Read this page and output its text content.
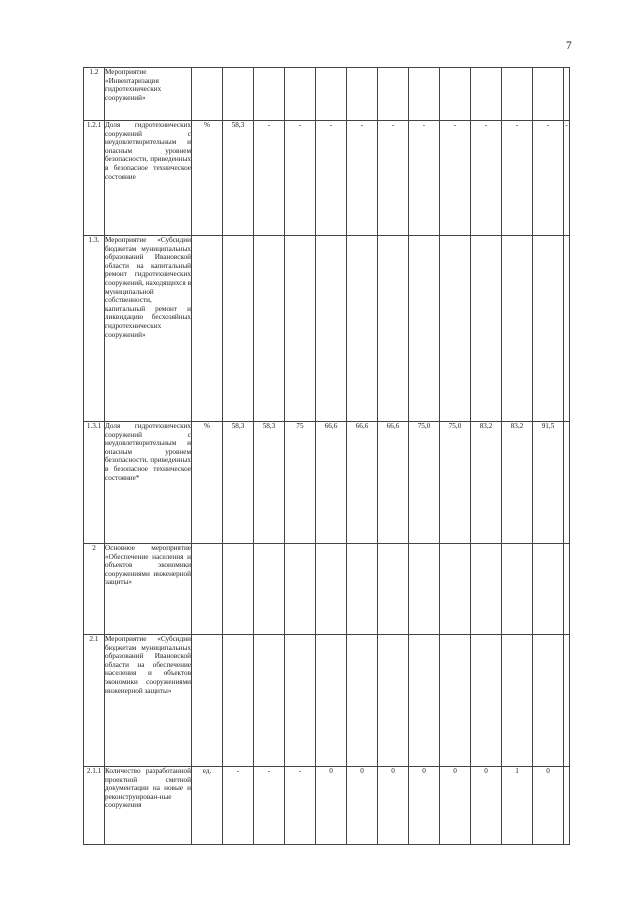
7
1.2	Мероприятие «Инвентаризация гидротехнических сооружений»													

1.2.1	Доля гидротехнических сооружений с неудовлетворительным и опасным уровнем безопасности, приведенных в безопасное техническое состояние	%	58,3	-	-	-	-	-	-	-	-	-	-	-
1.3.	Мероприятие «Субсидии бюджетам муниципальных образований Ивановской области на капитальный ремонт гидротехнических сооружений, находящихся в муниципальной собственности, капитальный ремонт и ликвидацию бесхозяйных гидротехнических сооружений»													

1.3.1	Доля гидротехнических сооружений с неудовлетворительным и опасным уровнем безопасности, приведенных в безопасное техническое состояние*	%	58,3	58,3	75	66,6	66,6	66,6	75,0	75,0	83,2	83,2	91,5	
2	Основное мероприятие «Обеспечение населения и объектов экономики сооружениями инженерной защиты»													

2.1	Мероприятие «Субсидии бюджетам муниципальных образований Ивановской области на обеспечение населения и объектов экономики сооружениями инженерной защиты»													

2.1.1	Количество разработанной проектной сметной документации на новые и реконструирован-ные сооружения	ед.	-	-	-	0	0	0	0	0	0	1	0	
